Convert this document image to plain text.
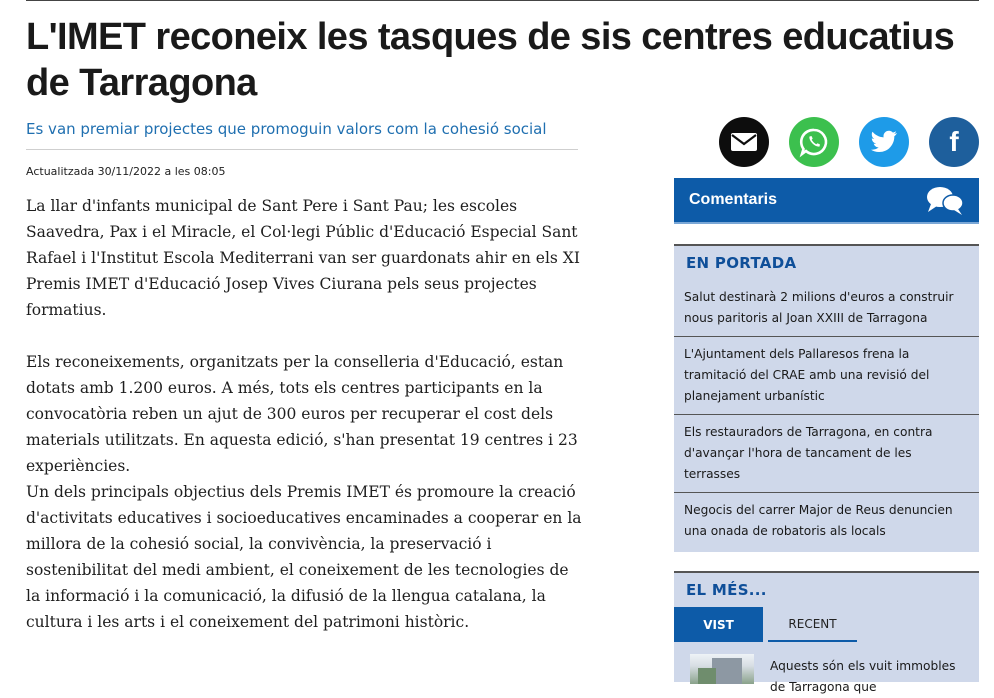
L'IMET reconeix les tasques de sis centres educatius de Tarragona
Es van premiar projectes que promoguin valors com la cohesió social
Actualitzada 30/11/2022 a les 08:05

La llar d'infants municipal de Sant Pere i Sant Pau; les escoles Saavedra, Pax i el Miracle, el Col·legi Públic d'Educació Especial Sant Rafael i l'Institut Escola Mediterrani van ser guardonats ahir en els XI Premis IMET d'Educació Josep Vives Ciurana pels seus projectes formatius.

Els reconeixements, organitzats per la conselleria d'Educació, estan dotats amb 1.200 euros. A més, tots els centres participants en la convocatòria reben un ajut de 300 euros per recuperar el cost dels materials utilitzats. En aquesta edició, s'han presentat 19 centres i 23 experiències.

Un dels principals objectius dels Premis IMET és promoure la creació d'activitats educatives i socioeducatives encaminades a cooperar en la millora de la cohesió social, la convivència, la preservació i sostenibilitat del medi ambient, el coneixement de les tecnologies de la informació i la comunicació, la difusió de la llengua catalana, la cultura i les arts i el coneixement del patrimoni històric.

f
Comentaris
EN PORTADA
Salut destinarà 2 milions d'euros a construir nous paritoris al Joan XXIII de Tarragona
L'Ajuntament dels Pallaresos frena la tramitació del CRAE amb una revisió del planejament urbanístic
Els restauradors de Tarragona, en contra d'avançar l'hora de tancament de les terrasses
Negocis del carrer Major de Reus denuncien una onada de robatoris als locals
EL MÉS...
VIST	RECENT
Aquests són els vuit immobles de Tarragona que
